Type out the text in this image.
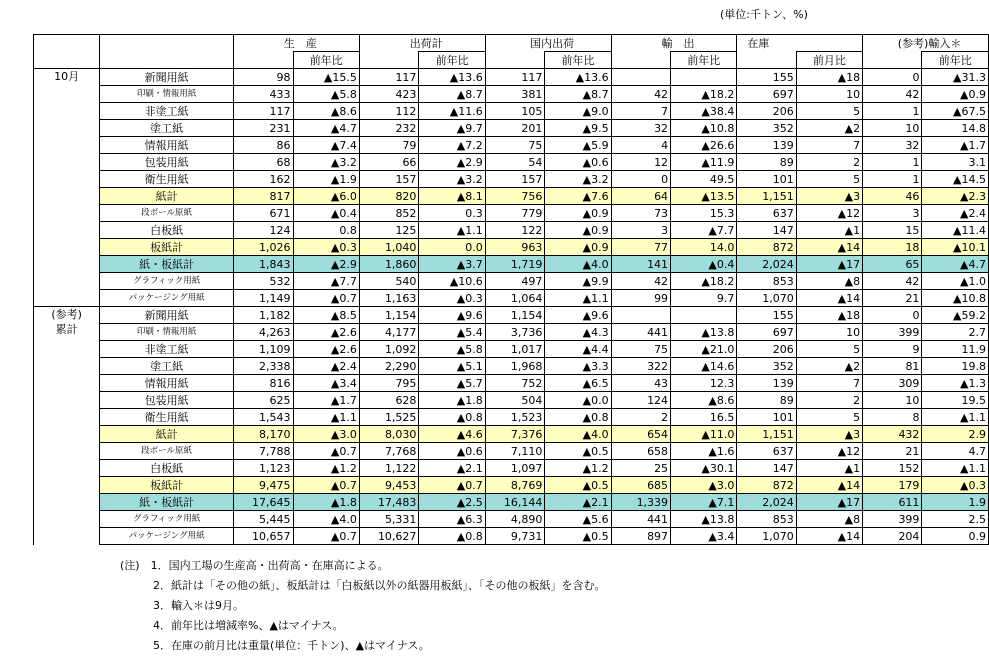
(単位:千トン、%)
		生　産		出荷計		国内出荷		輸　出		在庫		(参考)輸入＊	
			前年比		前年比		前年比		前年比		前月比		前年比

10月	新聞用紙	98	▲15.5	117	▲13.6	117	▲13.6			155	▲18	0	▲31.3
	印刷・情報用紙	433	▲5.8	423	▲8.7	381	▲8.7	42	▲18.2	697	10	42	▲0.9
	非塗工紙	117	▲8.6	112	▲11.6	105	▲9.0	7	▲38.4	206	5	1	▲67.5
	塗工紙	231	▲4.7	232	▲9.7	201	▲9.5	32	▲10.8	352	▲2	10	14.8
	情報用紙	86	▲7.4	79	▲7.2	75	▲5.9	4	▲26.6	139	7	32	▲1.7
	包装用紙	68	▲3.2	66	▲2.9	54	▲0.6	12	▲11.9	89	2	1	3.1
	衛生用紙	162	▲1.9	157	▲3.2	157	▲3.2	0	49.5	101	5	1	▲14.5
	紙計	817	▲6.0	820	▲8.1	756	▲7.6	64	▲13.5	1,151	▲3	46	▲2.3
	段ボール原紙	671	▲0.4	852	0.3	779	▲0.9	73	15.3	637	▲12	3	▲2.4
	白板紙	124	0.8	125	▲1.1	122	▲0.9	3	▲7.7	147	▲1	15	▲11.4
	板紙計	1,026	▲0.3	1,040	0.0	963	▲0.9	77	14.0	872	▲14	18	▲10.1
	紙・板紙計	1,843	▲2.9	1,860	▲3.7	1,719	▲4.0	141	▲0.4	2,024	▲17	65	▲4.7
	グラフィック用紙	532	▲7.7	540	▲10.6	497	▲9.9	42	▲18.2	853	▲8	42	▲1.0
	パッケージング用紙	1,149	▲0.7	1,163	▲0.3	1,064	▲1.1	99	9.7	1,070	▲14	21	▲10.8

(参考)
累計	新聞用紙	1,182	▲8.5	1,154	▲9.6	1,154	▲9.6			155	▲18	0	▲59.2
	印刷・情報用紙	4,263	▲2.6	4,177	▲5.4	3,736	▲4.3	441	▲13.8	697	10	399	2.7
	非塗工紙	1,109	▲2.6	1,092	▲5.8	1,017	▲4.4	75	▲21.0	206	5	9	11.9
	塗工紙	2,338	▲2.4	2,290	▲5.1	1,968	▲3.3	322	▲14.6	352	▲2	81	19.8
	情報用紙	816	▲3.4	795	▲5.7	752	▲6.5	43	12.3	139	7	309	▲1.3
	包装用紙	625	▲1.7	628	▲1.8	504	▲0.0	124	▲8.6	89	2	10	19.5
	衛生用紙	1,543	▲1.1	1,525	▲0.8	1,523	▲0.8	2	16.5	101	5	8	▲1.1
	紙計	8,170	▲3.0	8,030	▲4.6	7,376	▲4.0	654	▲11.0	1,151	▲3	432	2.9
	段ボール原紙	7,788	▲0.7	7,768	▲0.6	7,110	▲0.5	658	▲1.6	637	▲12	21	4.7
	白板紙	1,123	▲1.2	1,122	▲2.1	1,097	▲1.2	25	▲30.1	147	▲1	152	▲1.1
	板紙計	9,475	▲0.7	9,453	▲0.7	8,769	▲0.5	685	▲3.0	872	▲14	179	▲0.3
	紙・板紙計	17,645	▲1.8	17,483	▲2.5	16,144	▲2.1	1,339	▲7.1	2,024	▲17	611	1.9
	グラフィック用紙	5,445	▲4.0	5,331	▲6.3	4,890	▲5.6	441	▲13.8	853	▲8	399	2.5
	パッケージング用紙	10,657	▲0.7	10,627	▲0.8	9,731	▲0.5	897	▲3.4	1,070	▲14	204	0.9
(注)　1．国内工場の生産高・出荷高・在庫高による。
　　　2．紙計は「その他の紙」、板紙計は「白板紙以外の紙器用板紙」、「その他の板紙」を含む。
　　　3．輸入＊は9月。
　　　4．前年比は増減率%、▲はマイナス。
　　　5．在庫の前月比は重量(単位：千トン)、▲はマイナス。
